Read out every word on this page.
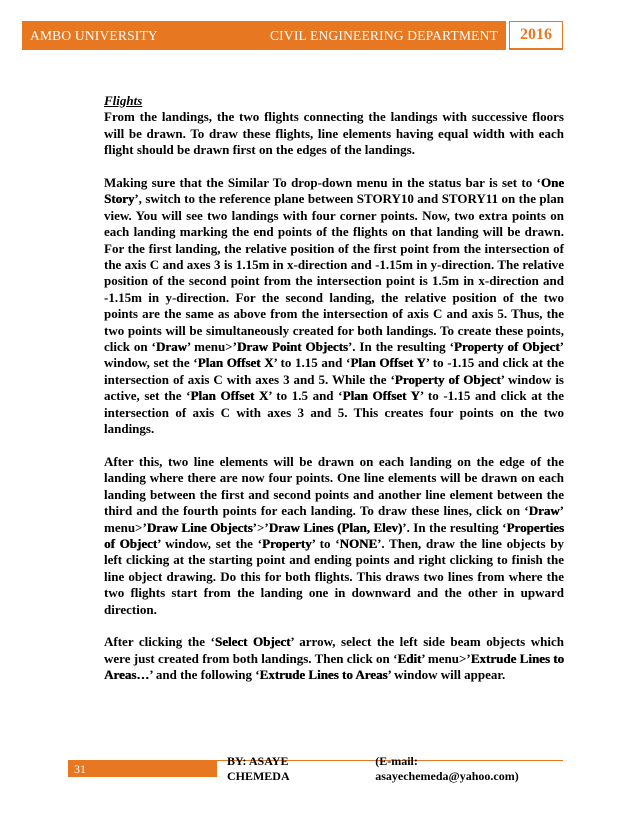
AMBO UNIVERSITY	CIVIL ENGINEERING DEPARTMENT	2016
Flights

From the landings, the two flights connecting the landings with successive floors will be drawn. To draw these flights, line elements having equal width with each flight should be drawn first on the edges of the landings.

Making sure that the Similar To drop-down menu in the status bar is set to ‘One Story’, switch to the reference plane between STORY10 and STORY11 on the plan view. You will see two landings with four corner points. Now, two extra points on each landing marking the end points of the flights on that landing will be drawn. For the first landing, the relative position of the first point from the intersection of the axis C and axes 3 is 1.15m in x-direction and -1.15m in y-direction. The relative position of the second point from the intersection point is 1.5m in x-direction and -1.15m in y-direction. For the second landing, the relative position of the two points are the same as above from the intersection of axis C and axis 5. Thus, the two points will be simultaneously created for both landings. To create these points, click on ‘Draw’ menu>’Draw Point Objects’. In the resulting ‘Property of Object’ window, set the ‘Plan Offset X’ to 1.15 and ‘Plan Offset Y’ to -1.15 and click at the intersection of axis C with axes 3 and 5. While the ‘Property of Object’ window is active, set the ‘Plan Offset X’ to 1.5 and ‘Plan Offset Y’ to -1.15 and click at the intersection of axis C with axes 3 and 5. This creates four points on the two landings.

After this, two line elements will be drawn on each landing on the edge of the landing where there are now four points. One line elements will be drawn on each landing between the first and second points and another line element between the third and the fourth points for each landing. To draw these lines, click on ‘Draw’ menu>’Draw Line Objects’>’Draw Lines (Plan, Elev)’. In the resulting ‘Properties of Object’ window, set the ‘Property’ to ‘NONE’. Then, draw the line objects by left clicking at the starting point and ending points and right clicking to finish the line object drawing. Do this for both flights. This draws two lines from where the two flights start from the landing one in downward and the other in upward direction.

After clicking the ‘Select Object’ arrow, select the left side beam objects which were just created from both landings. Then click on ‘Edit’ menu>’Extrude Lines to Areas…’ and the following ‘Extrude Lines to Areas’ window will appear.

31
BY: ASAYE CHEMEDA
(E-mail: asayechemeda@yahoo.com)
